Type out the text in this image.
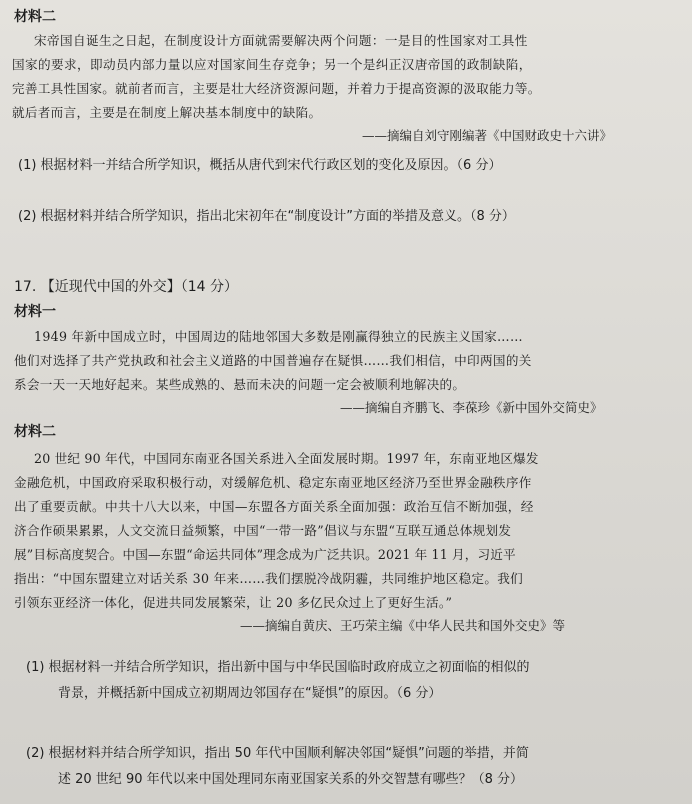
材料二
宋帝国自诞生之日起，在制度设计方面就需要解决两个问题：一是目的性国家对工具性
国家的要求，即动员内部力量以应对国家间生存竞争；另一个是纠正汉唐帝国的政制缺陷，
完善工具性国家。就前者而言，主要是壮大经济资源问题，并着力于提高资源的汲取能力等。
就后者而言，主要是在制度上解决基本制度中的缺陷。
——摘编自刘守刚编著《中国财政史十六讲》
(1) 根据材料一并结合所学知识，概括从唐代到宋代行政区划的变化及原因。（6 分）
(2) 根据材料并结合所学知识，指出北宋初年在“制度设计”方面的举措及意义。（8 分）
17. 【近现代中国的外交】（14 分）
材料一
1949 年新中国成立时，中国周边的陆地邻国大多数是刚赢得独立的民族主义国家……
他们对选择了共产党执政和社会主义道路的中国普遍存在疑惧……我们相信，中印两国的关
系会一天一天地好起来。某些成熟的、悬而未决的问题一定会被顺利地解决的。
——摘编自齐鹏飞、李葆珍《新中国外交简史》
材料二
20 世纪 90 年代，中国同东南亚各国关系进入全面发展时期。1997 年，东南亚地区爆发
金融危机，中国政府采取积极行动，对缓解危机、稳定东南亚地区经济乃至世界金融秩序作
出了重要贡献。中共十八大以来，中国—东盟各方面关系全面加强：政治互信不断加强，经
济合作硕果累累，人文交流日益频繁，中国“一带一路”倡议与东盟“互联互通总体规划发
展”目标高度契合。中国—东盟“命运共同体”理念成为广泛共识。2021 年 11 月，习近平
指出：“中国东盟建立对话关系 30 年来……我们摆脱冷战阴霾，共同维护地区稳定。我们
引领东亚经济一体化，促进共同发展繁荣，让 20 多亿民众过上了更好生活。”
——摘编自黄庆、王巧荣主编《中华人民共和国外交史》等
(1) 根据材料一并结合所学知识，指出新中国与中华民国临时政府成立之初面临的相似的
背景，并概括新中国成立初期周边邻国存在“疑惧”的原因。（6 分）
(2) 根据材料并结合所学知识，指出 50 年代中国顺利解决邻国“疑惧”问题的举措，并简
述 20 世纪 90 年代以来中国处理同东南亚国家关系的外交智慧有哪些？（8 分）
